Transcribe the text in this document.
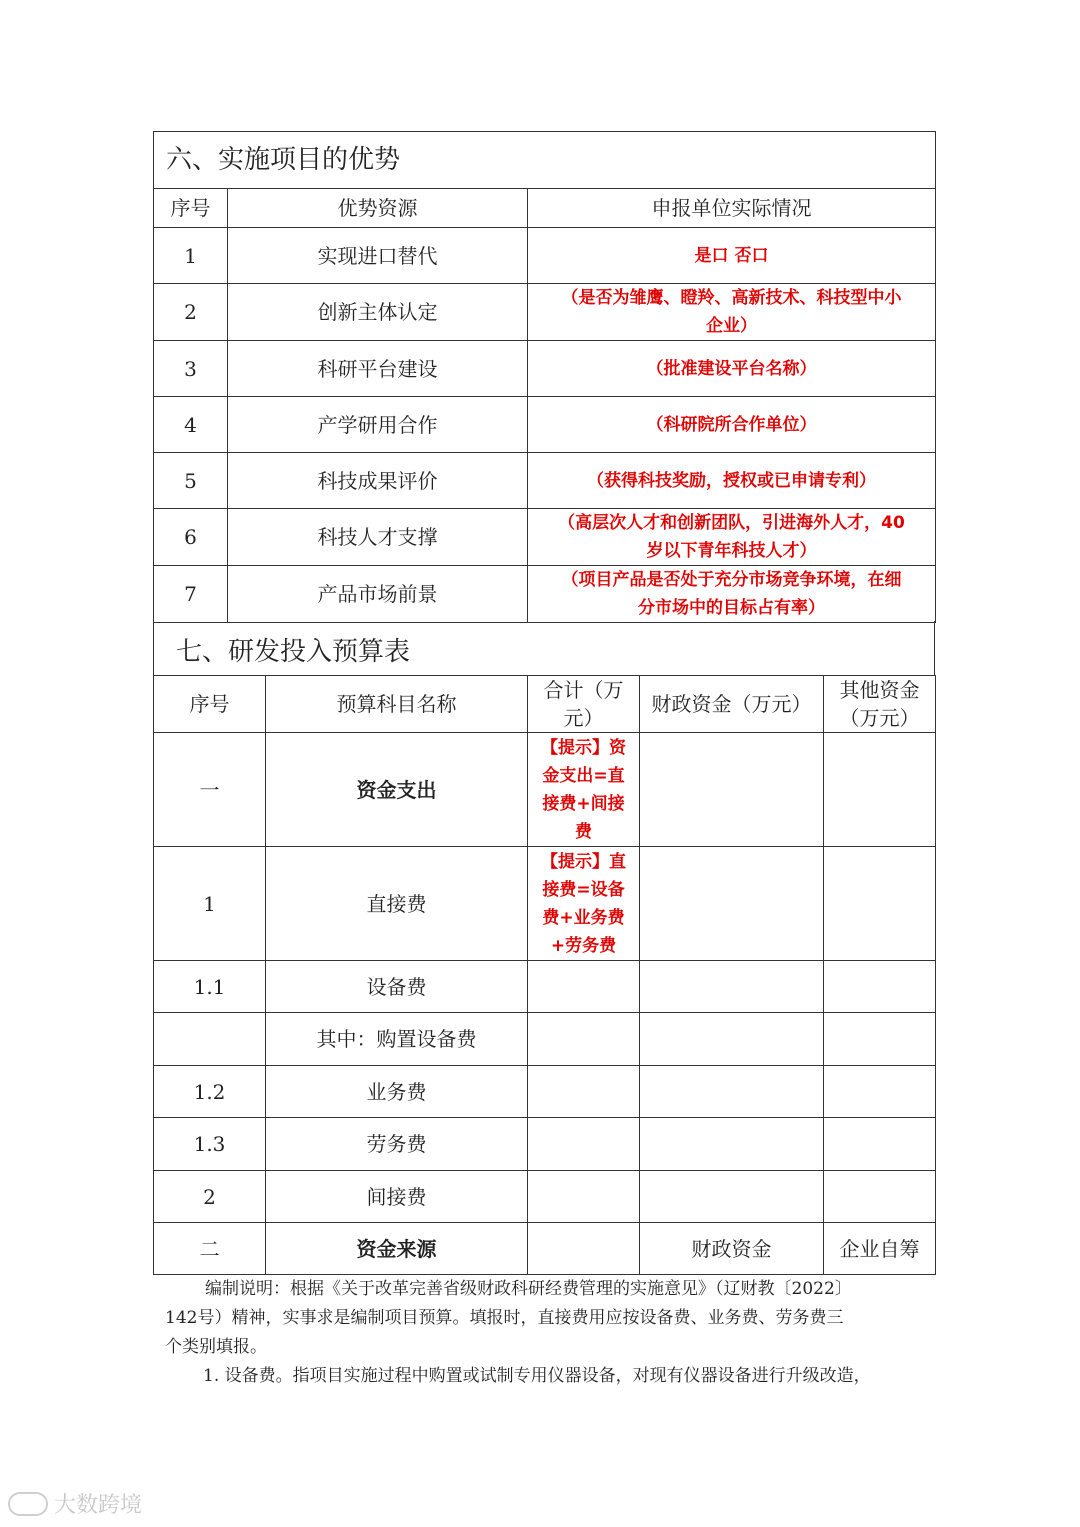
六、实施项目的优势		
序号	优势资源	申报单位实际情况
1	实现进口替代	是口 否口
2	创新主体认定	（是否为雏鹰、瞪羚、高新技术、科技型中小
企业）

3	科研平台建设	（批准建设平台名称）
4	产学研用合作	（科研院所合作单位）
5	科技成果评价	（获得科技奖励，授权或已申请专利）
6	科技人才支撑	（高层次人才和创新团队，引进海外人才，40
岁以下青年科技人才）

7	产品市场前景	（项目产品是否处于充分市场竞争环境，在细
分市场中的目标占有率）
七、研发投入预算表
序号	预算科目名称	合计（万元）	财政资金（万元）	其他资金（万元）
一	资金支出	【提示】资金支出=直接费+间接费		
1	直接费	【提示】直接费=设备费+业务费+劳务费		
1.1	设备费			
	其中：购置设备费			
1.2	业务费			
1.3	劳务费			
2	间接费			
二	资金来源		财政资金	企业自筹
编制说明：根据《关于改革完善省级财政科研经费管理的实施意见》（辽财教〔2022〕
142号）精神，实事求是编制项目预算。填报时，直接费用应按设备费、业务费、劳务费三
个类别填报。
1. 设备费。指项目实施过程中购置或试制专用仪器设备，对现有仪器设备进行升级改造，
大数跨境
